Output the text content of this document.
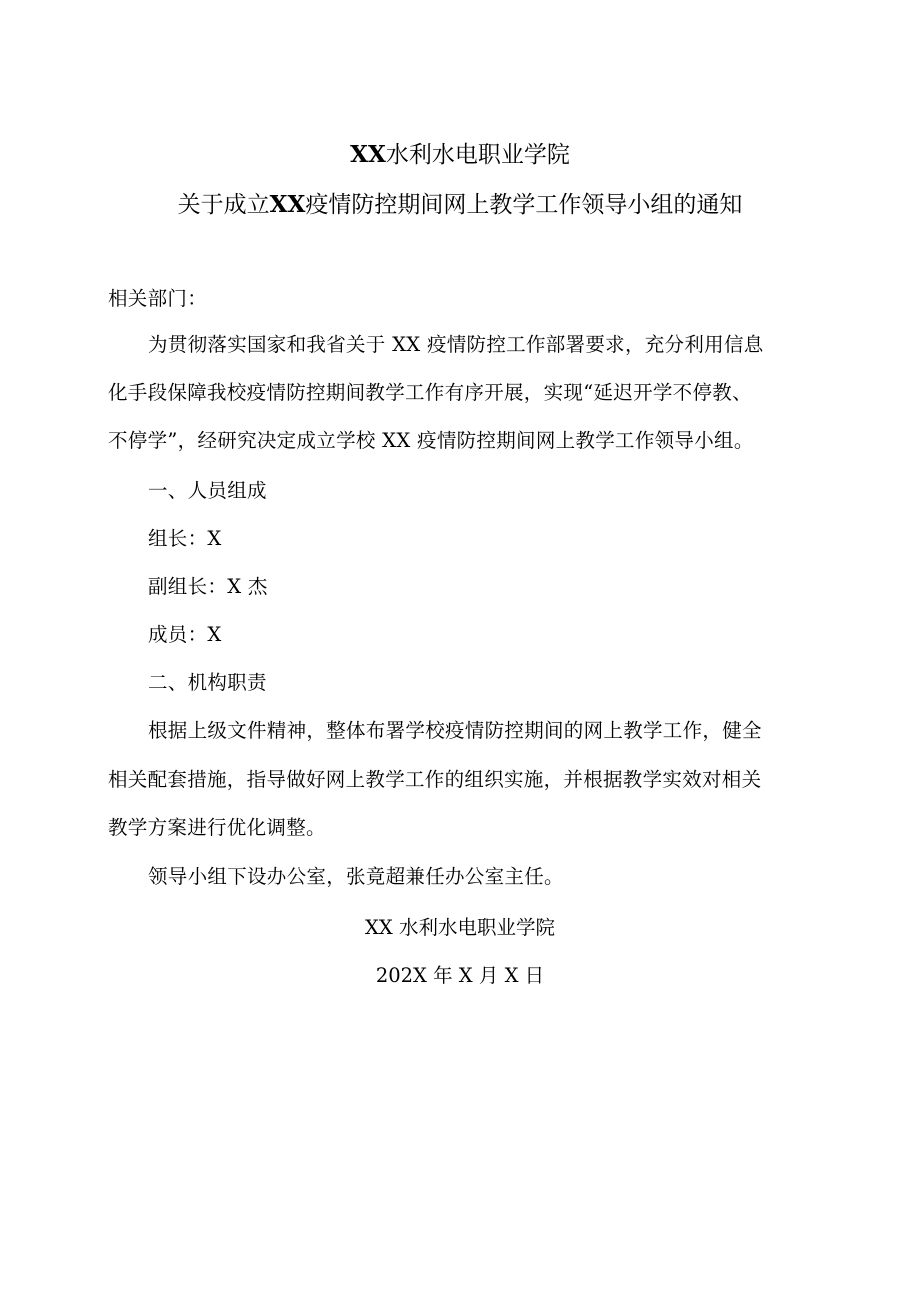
XX水利水电职业学院
关于成立XX疫情防控期间网上教学工作领导小组的通知
相关部门：
为贯彻落实国家和我省关于 XX 疫情防控工作部署要求，充分利用信息
化手段保障我校疫情防控期间教学工作有序开展，实现“延迟开学不停教、
不停学”，经研究决定成立学校 XX 疫情防控期间网上教学工作领导小组。
一、人员组成
组长：X
副组长：X 杰
成员：X
二、机构职责
根据上级文件精神，整体布署学校疫情防控期间的网上教学工作，健全
相关配套措施，指导做好网上教学工作的组织实施，并根据教学实效对相关
教学方案进行优化调整。
领导小组下设办公室，张竟超兼任办公室主任。
XX 水利水电职业学院
202X 年 X 月 X 日
